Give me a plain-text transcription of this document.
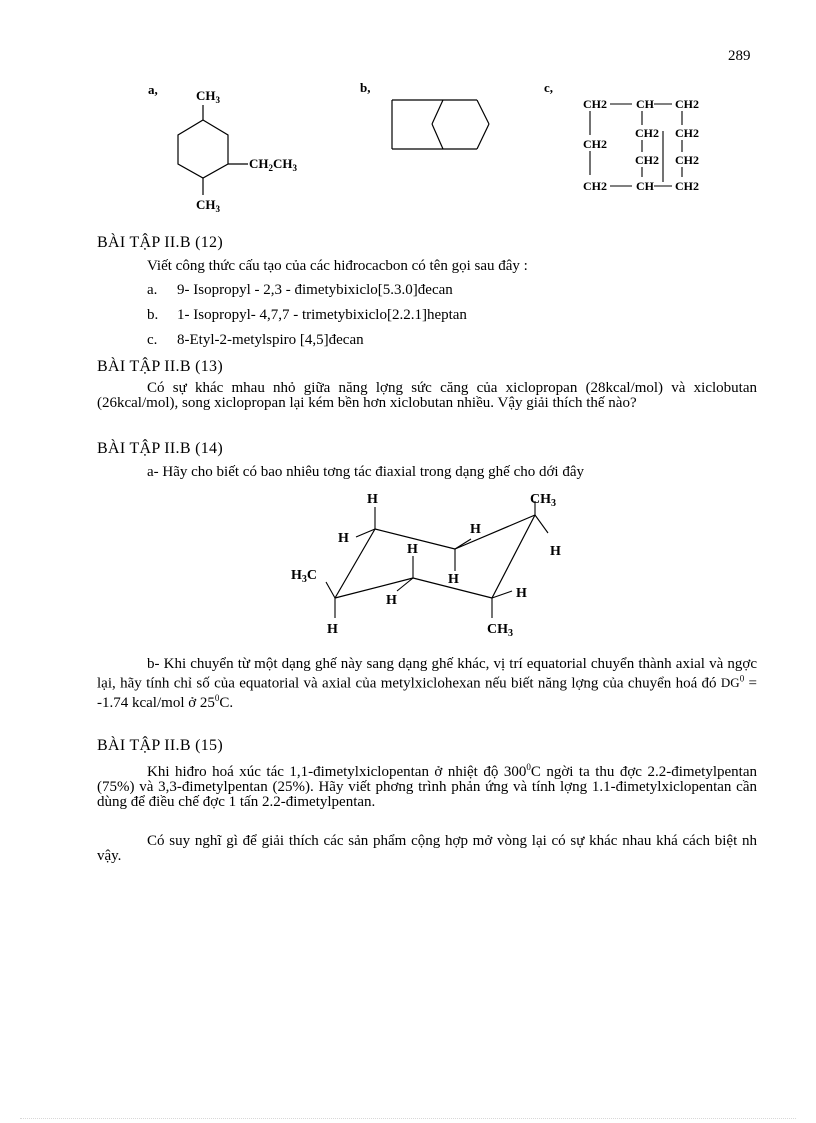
289
a,	$CH_3$
$CH_2CH_3$
$CH_3$
b,	c,
CH2 CH CH2
CH2
CH2 CH2
CH2 CH2
CH2 CH CH2
BÀI TẬP II.B (12)
Viết công thức cấu tạo của các hiđrocacbon có tên gọi sau đây :
a. 9- Isopropyl - 2,3 - đimetybixiclo[5.3.0]đecan
b. 1- Isopropyl- 4,7,7 - trimetybixiclo[2.2.1]heptan
c. 8-Etyl-2-metylspiro [4,5]đecan
BÀI TẬP II.B (13)
Có sự khác mhau nhỏ giữa năng lợng sức căng của xiclopropan (28kcal/mol) và xiclobutan (26kcal/mol), song xiclopropan lại kém bền hơn xiclobutan nhiều. Vậy giải thích thế nào?
BÀI TẬP II.B (14)
a- Hãy cho biết có bao nhiêu tơng tác điaxial trong dạng ghế cho dới đây
H	$CH_3$
H
H
H	H
$H_3C$	H
H
H
H	$CH_3$
b- Khi chuyển từ một dạng ghế này sang dạng ghế khác, vị trí equatorial chuyển thành axial và ngợc lại, hãy tính chỉ số của equatorial và axial của metylxiclohexan nếu biết năng lợng của chuyển hoá đó $DG^0 = -1.74$ kcal/mol ở $25^0C$.
BÀI TẬP II.B (15)
Khi hiđro hoá xúc tác 1,1-đimetylxiclopentan ở nhiệt độ $300^0C$ ngời ta thu đợc 2.2-đimetylpentan (75%) và 3,3-đimetylpentan (25%). Hãy viết phơng trình phản ứng và tính lợng 1.1-đimetylxiclopentan cần dùng để điều chế đợc 1 tấn 2.2-đimetylpentan.
Có suy nghĩ gì để giải thích các sản phẩm cộng hợp mở vòng lại có sự khác nhau khá cách biệt nh vậy.
